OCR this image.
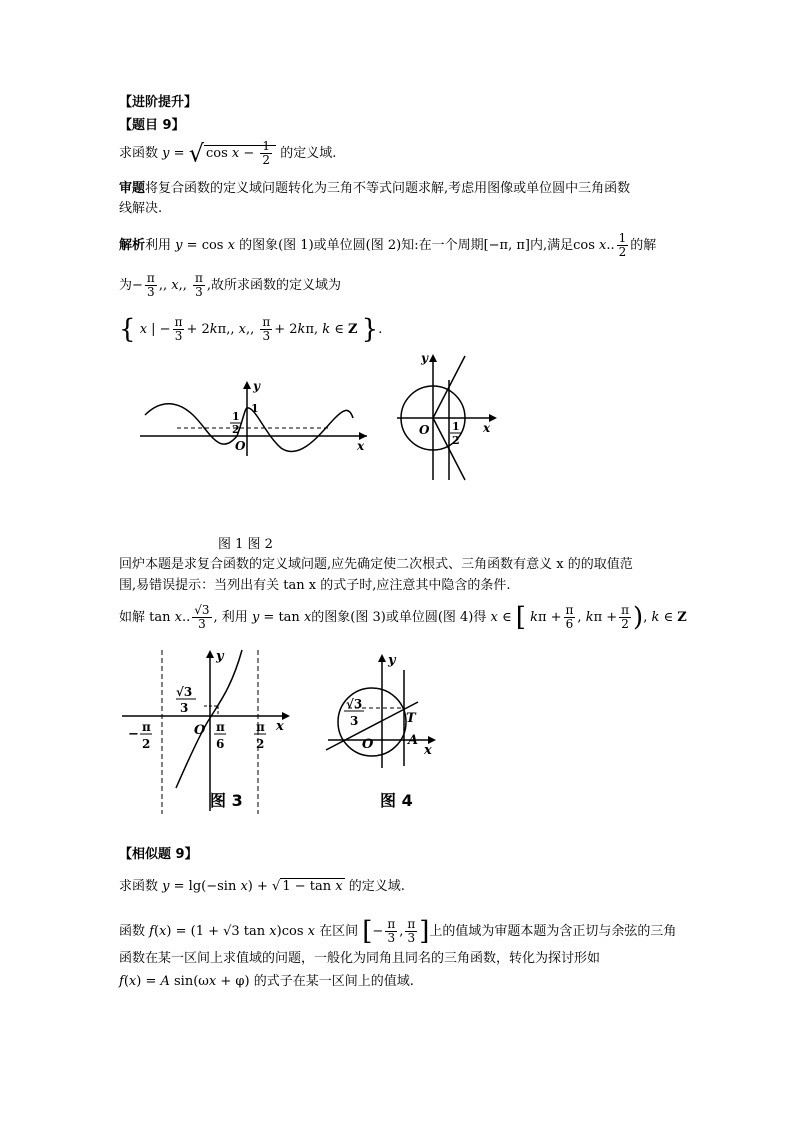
【进阶提升】
【题目 9】
求函数 y = √ $\cos x - \frac{1}{2}$ 的定义域.
审题将复合函数的定义域问题转化为三角不等式问题求解,考虑用图像或单位圆中三角函数
线解决.
解析利用 y = cos x 的图象(图 1)或单位圆(图 2)知:在一个周期[−π, π]内,满足cos x.. $\frac{1}{2}$ 的解
为− $\frac{\pi}{3}$ ,, x,, $\frac{\pi}{3}$ ,故所求函数的定义域为
{ x | − $\frac{\pi}{3} + 2k\pi$,, x,, $\frac{\pi}{3} + 2k\pi$, k ∈ Z }.
y
x
O
1
2
1
y
x
O 1
2
图 1 图 2
回炉本题是求复合函数的定义域问题,应先确定使二次根式、三角函数有意义 x 的的取值范
围,易错误提示：当列出有关 tan x 的式子时,应注意其中隐含的条件.
如解 tan x.. $\frac{√3}{3}$ , 利用 y = tan x的图象(图 3)或单位圆(图 4)得 x ∈ [ $k\pi + \frac{\pi}{6}$ , $k\pi + \frac{\pi}{2}$ ), k ∈ Z
y
x
O
√3
3
− π
2
π
6
π
2
y
x
O
T
A
√3
3
图 3	图 4
【相似题 9】
求函数 y = lg(−sin x) + √ 1 − tan x 的定义域.
函数 f(x) = (1 + √3 tan x)cos x 在区间 [− $\frac{\pi}{3}$ , $\frac{\pi}{3}$ ]上的值域为审题本题为含正切与余弦的三角
函数在某一区间上求值域的问题，一般化为同角且同名的三角函数，转化为探讨形如
f(x) = A sin(ωx + φ) 的式子在某一区间上的值域.
